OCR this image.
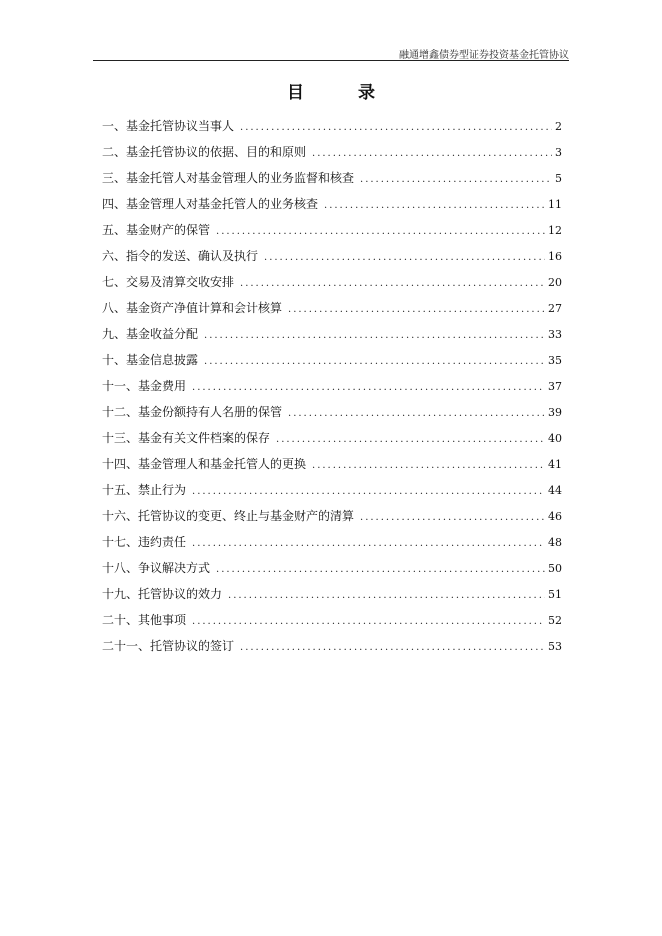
融通增鑫债券型证券投资基金托管协议
目 录
一、基金托管协议当事人 .....	2
二、基金托管协议的依据、目的和原则 .....	3
三、基金托管人对基金管理人的业务监督和核查 .....	5
四、基金管理人对基金托管人的业务核查 .....	11
五、基金财产的保管 .....	12
六、指令的发送、确认及执行 .....	16
七、交易及清算交收安排 .....	20
八、基金资产净值计算和会计核算 .....	27
九、基金收益分配 .....	33
十、基金信息披露 .....	35
十一、基金费用 .....	37
十二、基金份额持有人名册的保管 .....	39
十三、基金有关文件档案的保存 .....	40
十四、基金管理人和基金托管人的更换 .....	41
十五、禁止行为 .....	44
十六、托管协议的变更、终止与基金财产的清算 .....	46
十七、违约责任 .....	48
十八、争议解决方式 .....	50
十九、托管协议的效力 .....	51
二十、其他事项 .....	52
二十一、托管协议的签订 .....	53
